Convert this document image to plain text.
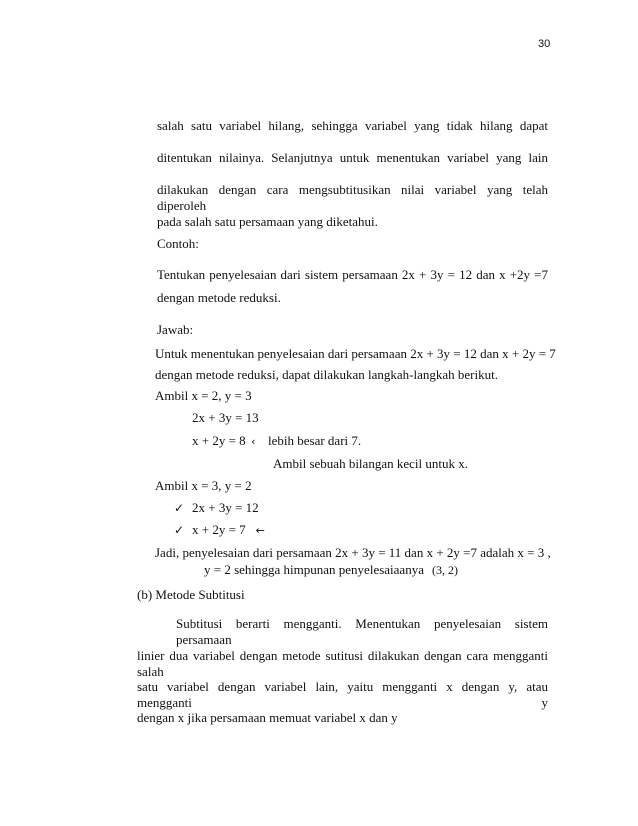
30
salah satu variabel hilang, sehingga variabel yang tidak hilang dapat
ditentukan nilainya. Selanjutnya untuk menentukan variabel yang lain
dilakukan dengan cara mengsubtitusikan nilai variabel yang telah diperoleh
pada salah satu persamaan yang diketahui.
Contoh:
Tentukan penyelesaian dari sistem persamaan 2x + 3y = 12 dan x +2y =7
dengan metode reduksi.
Jawab:
Untuk menentukan penyelesaian dari persamaan 2x + 3y = 12 dan x + 2y = 7
dengan metode reduksi, dapat dilakukan langkah-langkah berikut.
Ambil x = 2, y = 3
2x + 3y = 13
x + 2y = 8 ‹ lebih besar dari 7.
Ambil sebuah bilangan kecil untuk x.
Ambil x = 3, y = 2
✓ 2x + 3y = 12
✓ x + 2y = 7 ←
Jadi, penyelesaian dari persamaan 2x + 3y = 11 dan x + 2y =7 adalah x = 3 ,
y = 2 sehingga himpunan penyelesaiaanya (3, 2)
(b) Metode Subtitusi
Subtitusi berarti mengganti. Menentukan penyelesaian sistem persamaan
linier dua variabel dengan metode sutitusi dilakukan dengan cara mengganti salah
satu variabel dengan variabel lain, yaitu mengganti x dengan y, atau mengganti y
dengan x jika persamaan memuat variabel x dan y
